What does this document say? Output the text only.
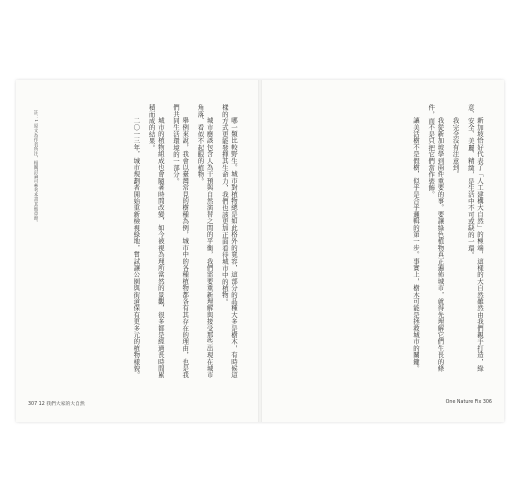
哪一類比較野生。城市對植物總是如此格外的寬容，這部分的品種大多是樹木，有時候這樣的方式更能發揮其生命力，我們也該更加正面看待城市中的植物。

城市應該包含人為干預與自然演替之間的平衡，我們需要重新理解與接受那些出現在城市角落、看似不起眼的植物。

舉例來說，我會以臺灣常見的樹種為例，城市中的各種植物都各有其存在的理由，也是我們共同生活環境的一部分。

城市的植物組成也會隨著時間改變，如今被視為理所當然的景觀，很多都是經過長時間累積而成的結果。

二〇一三年，城市規劃者開始重新檢視綠地，嘗試讓公園與街道保有更多元的植物樣貌。

註：1 原文為作者所注，相關討論可參考本書其他章節。
307 12 我們大家的大自然

新加坡恰好代表了「人工建構大自然」的極端，這樣的大自然雖然由我們親手打造，綠意、安全、美麗、精緻，是生活中不可或缺的一環。

我完全沒有注意到。

我從新加坡學到兩件重要的事。要讓綠色植物真正遍佈城市，就得先理解它們生長的條件，而不是只把它們當作裝飾。

讓美活樹不是假樹，似乎是合乎邏輯的第一步。事實上，樹木可能是拯救城市的關鍵。

One Nature Fix 306
